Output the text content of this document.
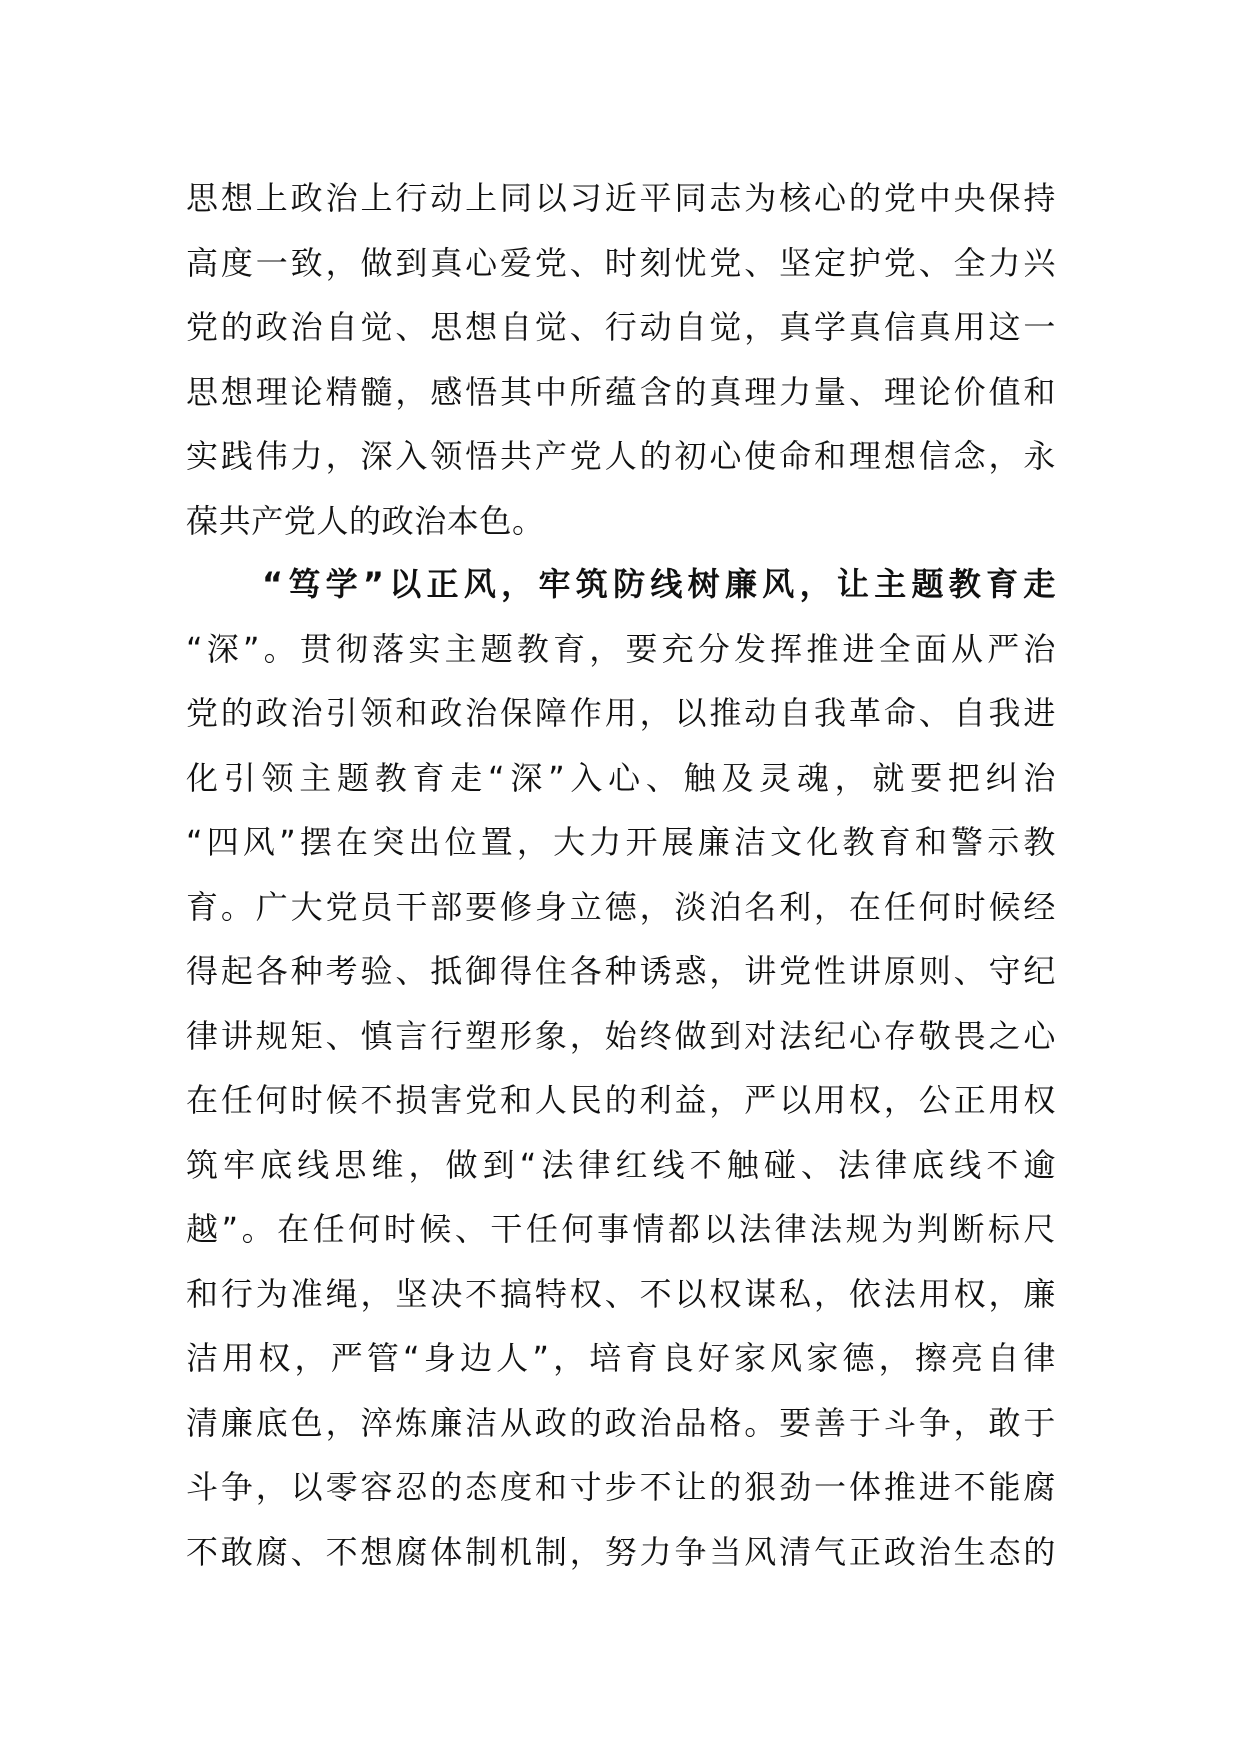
思想上政治上行动上同以习近平同志为核心的党中央保持
高度一致，做到真心爱党、时刻忧党、坚定护党、全力兴
党的政治自觉、思想自觉、行动自觉，真学真信真用这一
思想理论精髓，感悟其中所蕴含的真理力量、理论价值和
实践伟力，深入领悟共产党人的初心使命和理想信念，永
葆共产党人的政治本色。
“笃学”以正风，牢筑防线树廉风，让主题教育走
“深”。贯彻落实主题教育，要充分发挥推进全面从严治
党的政治引领和政治保障作用，以推动自我革命、自我进
化引领主题教育走“深”入心、触及灵魂，就要把纠治
“四风”摆在突出位置，大力开展廉洁文化教育和警示教
育。广大党员干部要修身立德，淡泊名利，在任何时候经
得起各种考验、抵御得住各种诱惑，讲党性讲原则、守纪
律讲规矩、慎言行塑形象，始终做到对法纪心存敬畏之心
在任何时候不损害党和人民的利益，严以用权，公正用权
筑牢底线思维，做到“法律红线不触碰、法律底线不逾
越”。在任何时候、干任何事情都以法律法规为判断标尺
和行为准绳，坚决不搞特权、不以权谋私，依法用权，廉
洁用权，严管“身边人”，培育良好家风家德，擦亮自律
清廉底色，淬炼廉洁从政的政治品格。要善于斗争，敢于
斗争，以零容忍的态度和寸步不让的狠劲一体推进不能腐
不敢腐、不想腐体制机制，努力争当风清气正政治生态的
